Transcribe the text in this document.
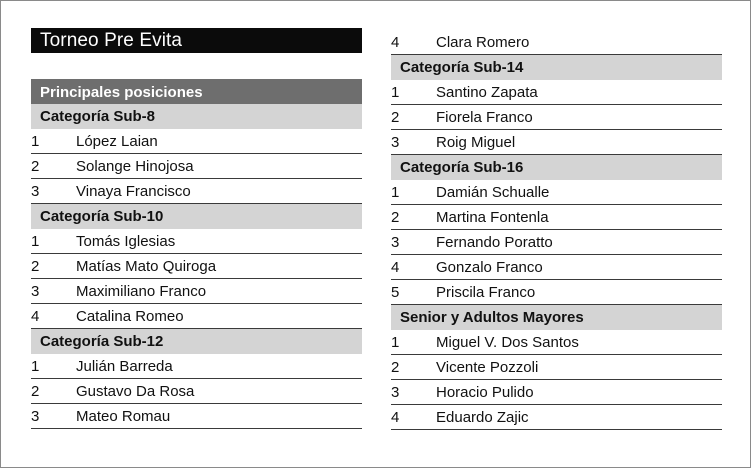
Torneo Pre Evita
Principales posiciones
Categoría Sub-8
1 López Laian
2 Solange Hinojosa
3 Vinaya Francisco
Categoría Sub-10
1 Tomás Iglesias
2 Matías Mato Quiroga
3 Maximiliano Franco
4 Catalina Romeo
Categoría Sub-12
1 Julián Barreda
2 Gustavo Da Rosa
3 Mateo Romau
4 Clara Romero
Categoría Sub-14
1 Santino Zapata
2 Fiorela Franco
3 Roig Miguel
Categoría Sub-16
1 Damián Schualle
2 Martina Fontenla
3 Fernando Poratto
4 Gonzalo Franco
5 Priscila Franco
Senior y Adultos Mayores
1 Miguel V. Dos Santos
2 Vicente Pozzoli
3 Horacio Pulido
4 Eduardo Zajic
